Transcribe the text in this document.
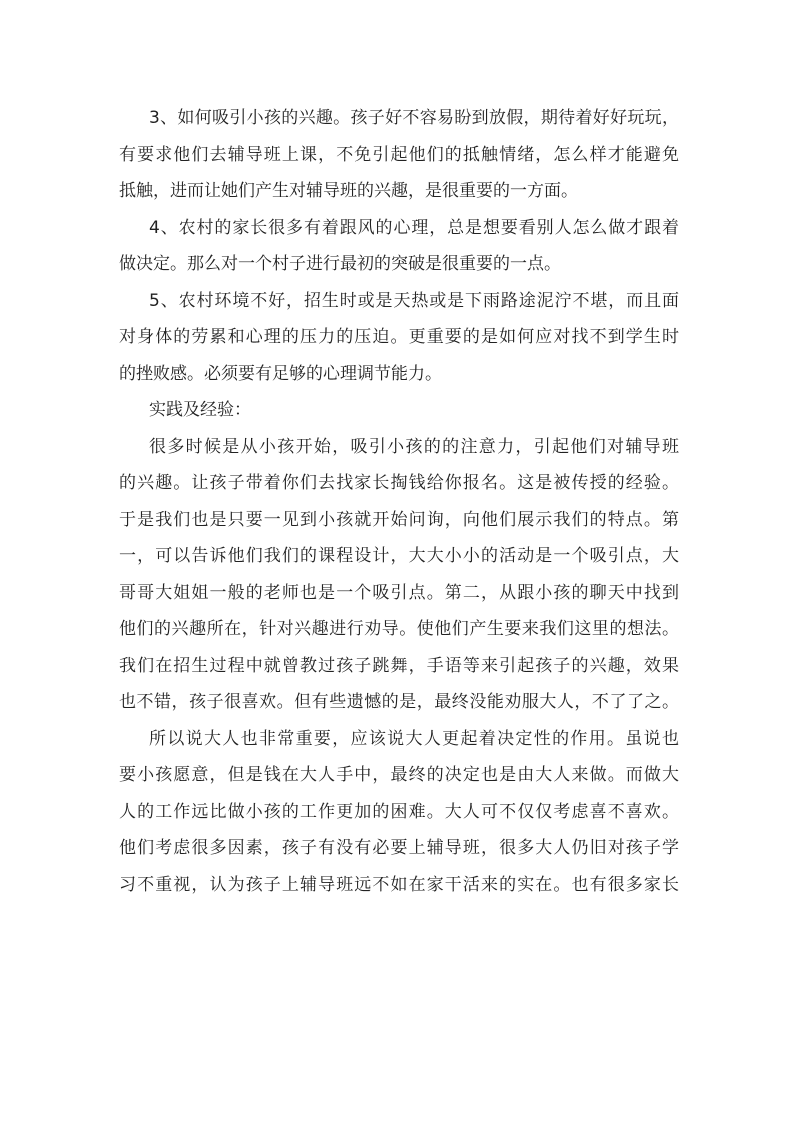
3、如何吸引小孩的兴趣。孩子好不容易盼到放假，期待着好好玩玩，
有要求他们去辅导班上课，不免引起他们的抵触情绪，怎么样才能避免
抵触，进而让她们产生对辅导班的兴趣，是很重要的一方面。
4、农村的家长很多有着跟风的心理，总是想要看别人怎么做才跟着
做决定。那么对一个村子进行最初的突破是很重要的一点。
5、农村环境不好，招生时或是天热或是下雨路途泥泞不堪，而且面
对身体的劳累和心理的压力的压迫。更重要的是如何应对找不到学生时
的挫败感。必须要有足够的心理调节能力。
实践及经验：
很多时候是从小孩开始，吸引小孩的的注意力，引起他们对辅导班
的兴趣。让孩子带着你们去找家长掏钱给你报名。这是被传授的经验。
于是我们也是只要一见到小孩就开始问询，向他们展示我们的特点。第
一，可以告诉他们我们的课程设计，大大小小的活动是一个吸引点，大
哥哥大姐姐一般的老师也是一个吸引点。第二，从跟小孩的聊天中找到
他们的兴趣所在，针对兴趣进行劝导。使他们产生要来我们这里的想法。
我们在招生过程中就曾教过孩子跳舞，手语等来引起孩子的兴趣，效果
也不错，孩子很喜欢。但有些遗憾的是，最终没能劝服大人，不了了之。
所以说大人也非常重要，应该说大人更起着决定性的作用。虽说也
要小孩愿意，但是钱在大人手中，最终的决定也是由大人来做。而做大
人的工作远比做小孩的工作更加的困难。大人可不仅仅考虑喜不喜欢。
他们考虑很多因素，孩子有没有必要上辅导班，很多大人仍旧对孩子学
习不重视，认为孩子上辅导班远不如在家干活来的实在。也有很多家长
